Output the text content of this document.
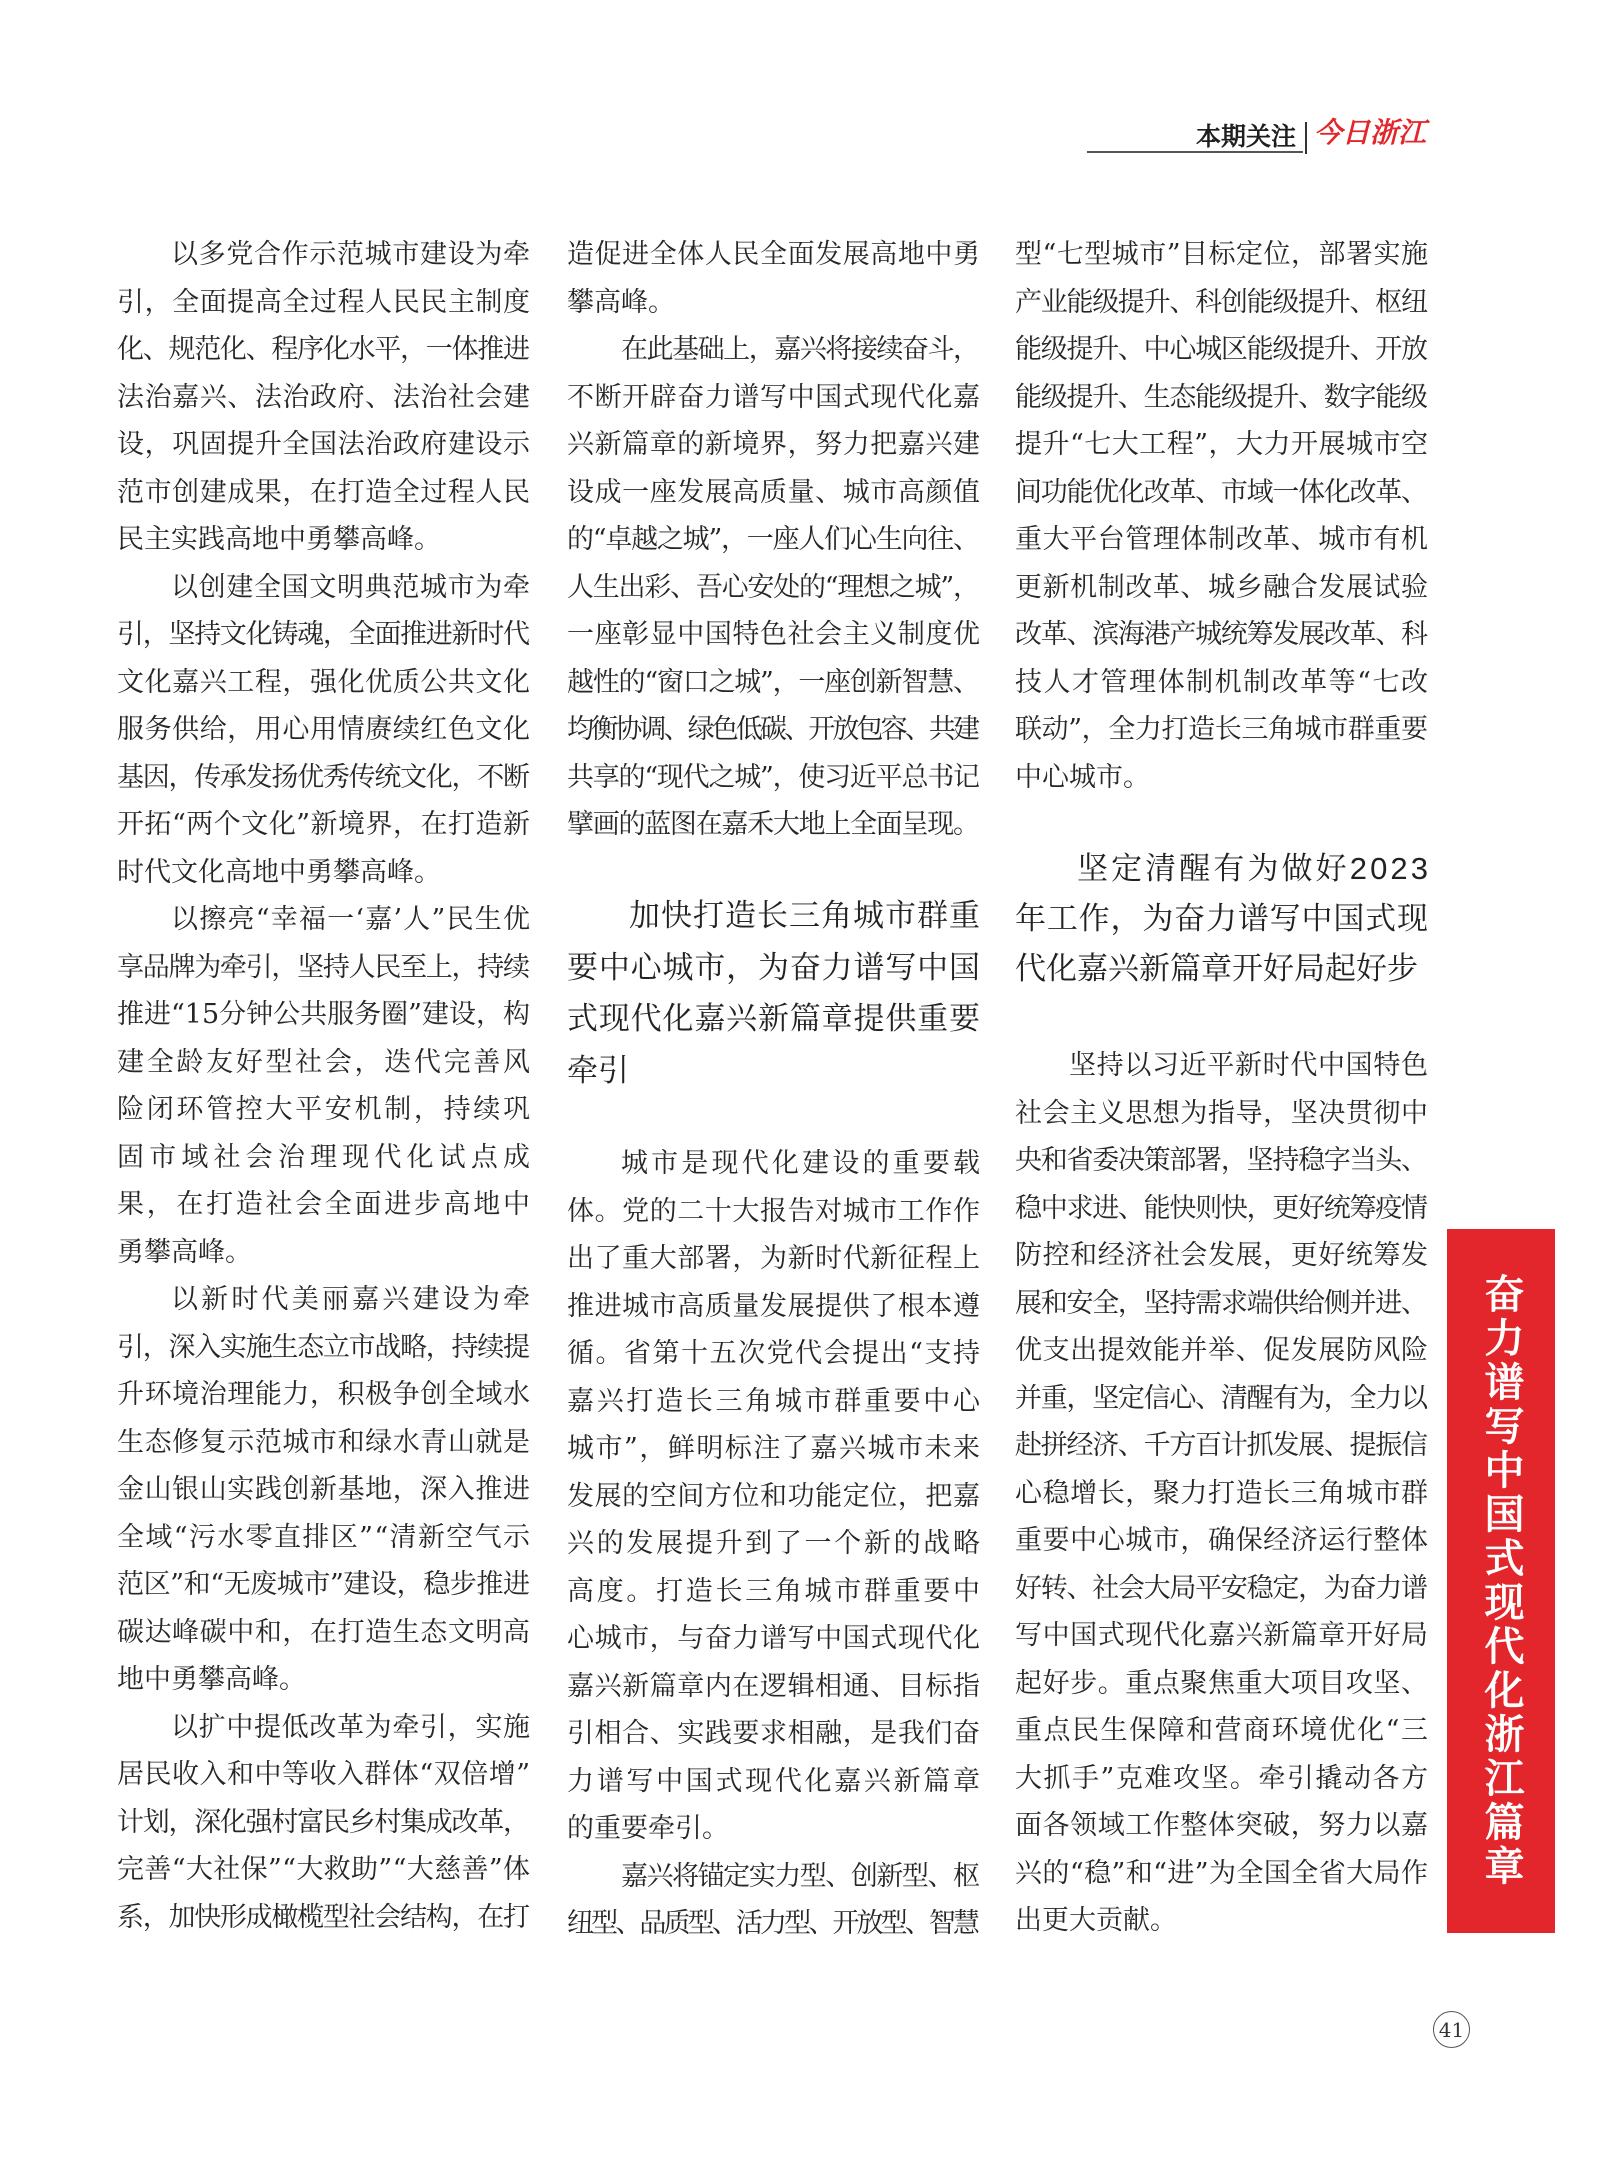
本期关注 今日浙江
以多党合作示范城市建设为牵
引，全面提高全过程人民民主制度
化、规范化、程序化水平，一体推进
法治嘉兴、法治政府、法治社会建
设，巩固提升全国法治政府建设示
范市创建成果，在打造全过程人民
民主实践高地中勇攀高峰。
以创建全国文明典范城市为牵
引，坚持文化铸魂，全面推进新时代
文化嘉兴工程，强化优质公共文化
服务供给，用心用情赓续红色文化
基因，传承发扬优秀传统文化，不断
开拓“两个文化”新境界，在打造新
时代文化高地中勇攀高峰。
以擦亮“幸福一‘嘉’人”民生优
享品牌为牵引，坚持人民至上，持续
推进“15分钟公共服务圈”建设，构
建全龄友好型社会，迭代完善风
险闭环管控大平安机制，持续巩
固市域社会治理现代化试点成
果，在打造社会全面进步高地中
勇攀高峰。
以新时代美丽嘉兴建设为牵
引，深入实施生态立市战略，持续提
升环境治理能力，积极争创全域水
生态修复示范城市和绿水青山就是
金山银山实践创新基地，深入推进
全域“污水零直排区”“清新空气示
范区”和“无废城市”建设，稳步推进
碳达峰碳中和，在打造生态文明高
地中勇攀高峰。
以扩中提低改革为牵引，实施
居民收入和中等收入群体“双倍增”
计划，深化强村富民乡村集成改革，
完善“大社保”“大救助”“大慈善”体
系，加快形成橄榄型社会结构，在打
造促进全体人民全面发展高地中勇
攀高峰。
在此基础上，嘉兴将接续奋斗，
不断开辟奋力谱写中国式现代化嘉
兴新篇章的新境界，努力把嘉兴建
设成一座发展高质量、城市高颜值
的“卓越之城”，一座人们心生向往、
人生出彩、吾心安处的“理想之城”，
一座彰显中国特色社会主义制度优
越性的“窗口之城”，一座创新智慧、
均衡协调、绿色低碳、开放包容、共建
共享的“现代之城”，使习近平总书记
擘画的蓝图在嘉禾大地上全面呈现。
加快打造长三角城市群重
要中心城市，为奋力谱写中国
式现代化嘉兴新篇章提供重要
牵引
城市是现代化建设的重要载
体。党的二十大报告对城市工作作
出了重大部署，为新时代新征程上
推进城市高质量发展提供了根本遵
循。省第十五次党代会提出“支持
嘉兴打造长三角城市群重要中心
城市”，鲜明标注了嘉兴城市未来
发展的空间方位和功能定位，把嘉
兴的发展提升到了一个新的战略
高度。打造长三角城市群重要中
心城市，与奋力谱写中国式现代化
嘉兴新篇章内在逻辑相通、目标指
引相合、实践要求相融，是我们奋
力谱写中国式现代化嘉兴新篇章
的重要牵引。
嘉兴将锚定实力型、创新型、枢
纽型、品质型、活力型、开放型、智慧
型“七型城市”目标定位，部署实施
产业能级提升、科创能级提升、枢纽
能级提升、中心城区能级提升、开放
能级提升、生态能级提升、数字能级
提升“七大工程”，大力开展城市空
间功能优化改革、市域一体化改革、
重大平台管理体制改革、城市有机
更新机制改革、城乡融合发展试验
改革、滨海港产城统筹发展改革、科
技人才管理体制机制改革等“七改
联动”，全力打造长三角城市群重要
中心城市。
坚定清醒有为做好2023
年工作，为奋力谱写中国式现
代化嘉兴新篇章开好局起好步
坚持以习近平新时代中国特色
社会主义思想为指导，坚决贯彻中
央和省委决策部署，坚持稳字当头、
稳中求进、能快则快，更好统筹疫情
防控和经济社会发展，更好统筹发
展和安全，坚持需求端供给侧并进、
优支出提效能并举、促发展防风险
并重，坚定信心、清醒有为，全力以
赴拼经济、千方百计抓发展、提振信
心稳增长，聚力打造长三角城市群
重要中心城市，确保经济运行整体
好转、社会大局平安稳定，为奋力谱
写中国式现代化嘉兴新篇章开好局
起好步。重点聚焦重大项目攻坚、
重点民生保障和营商环境优化“三
大抓手”克难攻坚。牵引撬动各方
面各领域工作整体突破，努力以嘉
兴的“稳”和“进”为全国全省大局作
出更大贡献。
奋力谱写中国式现代化浙江篇章
41
